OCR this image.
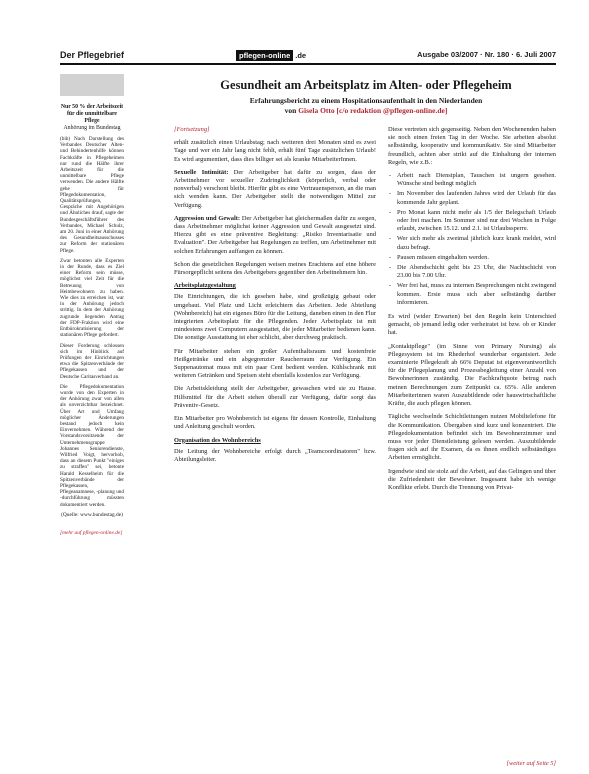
Der Pflegebrief	pflegen-online .de	Ausgabe 03/2007 · Nr. 180 · 6. Juli 2007
Nur 50 % der Arbeitszeit
für die unmittelbare Pflege
Anhörung im Bundestag

(bib) Nach Darstellung des Verbandes Deutscher Alten- und Behindertenhilfe können Fachkräfte in Pflegeheimen nur rund die Hälfte ihrer Arbeitszeit für die unmittelbare Pflege verwenden. Die andere Hälfte gehe für Pflegedokumentation, Qualitätsprüfungen, Gespräche mit Angehörigen und Ähnliches drauf, sagte der Bundesgeschäftsführer des Verbandes, Michael Schulz, am 20. Juni in einer Anhörung des Gesundheitsausschusses zur Reform der stationären Pflege.

Zwar betonten alle Experten in der Runde, dass es Ziel einer Reform sein müsse, möglichst viel Zeit für die Betreuung von Heimbewohnern zu haben. Wie dies zu erreichen ist, war in der Anhörung jedoch strittig. In dem der Anhörung zugrunde liegenden Antrag der FDP-Fraktion wird eine Entbürokratisierung der stationären Pflege gefordert.

Dieser Forderung schlossen sich im Hinblick auf Prüfungen der Einrichtungen etwa die Spitzenverbände der Pflegekassen und der Deutsche Caritasverband an.

Die Pflegedokumentation wurde von den Experten in der Anhörung zwar von allen als unverzichtbar bezeichnet. Über Art und Umfang möglicher Änderungen bestand jedoch kein Einvernehmen. Während der Vorstandsvorsitzende der Unternehmensgruppe Johannes Seniorendienste, Wilfried Voigt, hervorhob, dass an diesem Punkt "einiges zu straffen" sei, betonte Harald Kesselheim für die Spitzenverbände der Pflegekassen, Pflegeanamnese, -planung und -durchführung müssten dokumentiert werden.

(Quelle: www.bundestag.de)
[mehr auf pflegen-online.de]
Gesundheit am Arbeitsplatz im Alten- oder Pflegeheim
Erfahrungsbericht zu einem Hospitationsaufenthalt in den Niederlanden
von Gisela Otto [c/o redaktion @pflegen-online.de]

[Fortsetzung]

erhält zusätzlich einen Urlaubstag; nach weiteren drei Monaten sind es zwei Tage und wer ein Jahr lang nicht fehlt, erhält fünf Tage zusätzlichen Urlaub! Es wird argumentiert, dass dies billiger sei als kranke MitarbeiterInnen.

Sexuelle Intimität: Der Arbeitgeber hat dafür zu sorgen, dass der Arbeitnehmer vor sexueller Zudringlichkeit (körperlich, verbal oder nonverbal) verschont bleibt. Hierfür gibt es eine Vertrauensperson, an die man sich wenden kann. Der Arbeitgeber stellt die notwendigen Mittel zur Verfügung.

Aggression und Gewalt: Der Arbeitgeber hat gleichermaßen dafür zu sorgen, dass Arbeitnehmer möglichst keiner Aggression und Gewalt ausgesetzt sind. Hierzu gibt es eine präventive Begleitung: „Risiko Inventarisatie und Evaluation". Der Arbeitgeber hat Regelungen zu treffen, um Arbeitnehmer mit solchen Erfahrungen auffangen zu können.

Schon die gesetzlichen Regelungen weisen meines Erachtens auf eine höhere Fürsorgepflicht seitens des Arbeitgebers gegenüber den Arbeitnehmern hin.

Arbeitsplatzgestaltung

Die Einrichtungen, die ich gesehen habe, sind großzügig gebaut oder umgebaut. Viel Platz und Licht erleichtern das Arbeiten. Jede Abteilung (Wohnbereich) hat ein eigenes Büro für die Leitung, daneben einen in den Flur integrierten Arbeitsplatz für die Pflegenden. Jeder Arbeitsplatz ist mit mindestens zwei Computern ausgestattet, die jeder Mitarbeiter bedienen kann. Die sonstige Ausstattung ist eher schlicht, aber durchweg praktisch.

Für Mitarbeiter stehen ein großer Aufenthaltsraum und kostenfreie Heißgetränke und ein abgegrenzter Raucherraum zur Verfügung. Ein Suppenautomat muss mit ein paar Cent bedient werden. Kühlschrank mit weiteren Getränken und Speisen steht ebenfalls kostenlos zur Verfügung.

Die Arbeitskleidung stellt der Arbeitgeber, gewaschen wird sie zu Hause. Hilfsmittel für die Arbeit stehen überall zur Verfügung, dafür sorgt das Präventiv-Gesetz.

Ein Mitarbeiter pro Wohnbereich ist eigens für dessen Kontrolle, Einhaltung und Anleitung geschult worden.

Organisation des Wohnbereichs

Die Leitung der Wohnbereiche erfolgt durch „Teamcoordinatoren" bzw. Abteilungsleiter.

Diese vertreten sich gegenseitig. Neben den Wochenenden haben sie noch einen freien Tag in der Woche. Sie arbeiten absolut selbständig, kooperativ und kommunikativ. Sie sind Mitarbeiter freundlich, achten aber strikt auf die Einhaltung der internen Regeln, wie z.B.:

- Arbeit nach Dienstplan, Tauschen ist ungern gesehen. Wünsche sind bedingt möglich
- Im November des laufenden Jahres wird der Urlaub für das kommende Jahr geplant.
- Pro Monat kann nicht mehr als 1/5 der Belegschaft Urlaub oder frei machen. Im Sommer sind nur drei Wochen in Folge erlaubt, zwischen 15.12. und 2.1. ist Urlaubssperre.
- Wer sich mehr als zweimal jährlich kurz krank meldet, wird dazu befragt.
- Pausen müssen eingehalten werden.
- Die Abendschicht geht bis 23 Uhr, die Nachtschicht von 23.00 bis 7.00 Uhr.
- Wer frei hat, muss zu internen Besprechungen nicht zwingend kommen. Ersie muss sich aber selbständig darüber informieren.

Es wird (wider Erwarten) bei den Regeln kein Unterschied gemacht, ob jemand ledig oder verheiratet ist bzw. ob er Kinder hat.

„Kontaktpflege" (im Sinne von Primary Nursing) als Pflegesystem ist im Rhederhof wunderbar organisiert. Jede examinierte Pflegekraft ab 66% Deputat ist eigenverantwortlich für die Pflegeplanung und Prozessbegleitung einer Anzahl von Bewohnerinnen zuständig. Die Fachkraftquote betrug nach meinen Berechnungen zum Zeitpunkt ca. 65%. Alle anderen Mitarbeiterinnen waren Auszubildende oder hauswirtschaftliche Kräfte, die auch pflegen können.

Tägliche wechselnde Schichtleitungen nutzen Mobiltelefone für die Kommunikation. Übergaben sind kurz und konzentriert. Die Pflegedokumentation befindet sich im Bewohnerzimmer und muss vor jeder Dienstleistung gelesen werden. Auszubildende fragen sich auf ihr Examen, da es ihnen endlich selbständiges Arbeiten ermöglicht.

Irgendwie sind sie stolz auf die Arbeit, auf das Gelingen und über die Zufriedenheit der Bewohner. Insgesamt habe ich wenige Konflikte erlebt. Durch die Trennung von Privat-

[weiter auf Seite 5]
